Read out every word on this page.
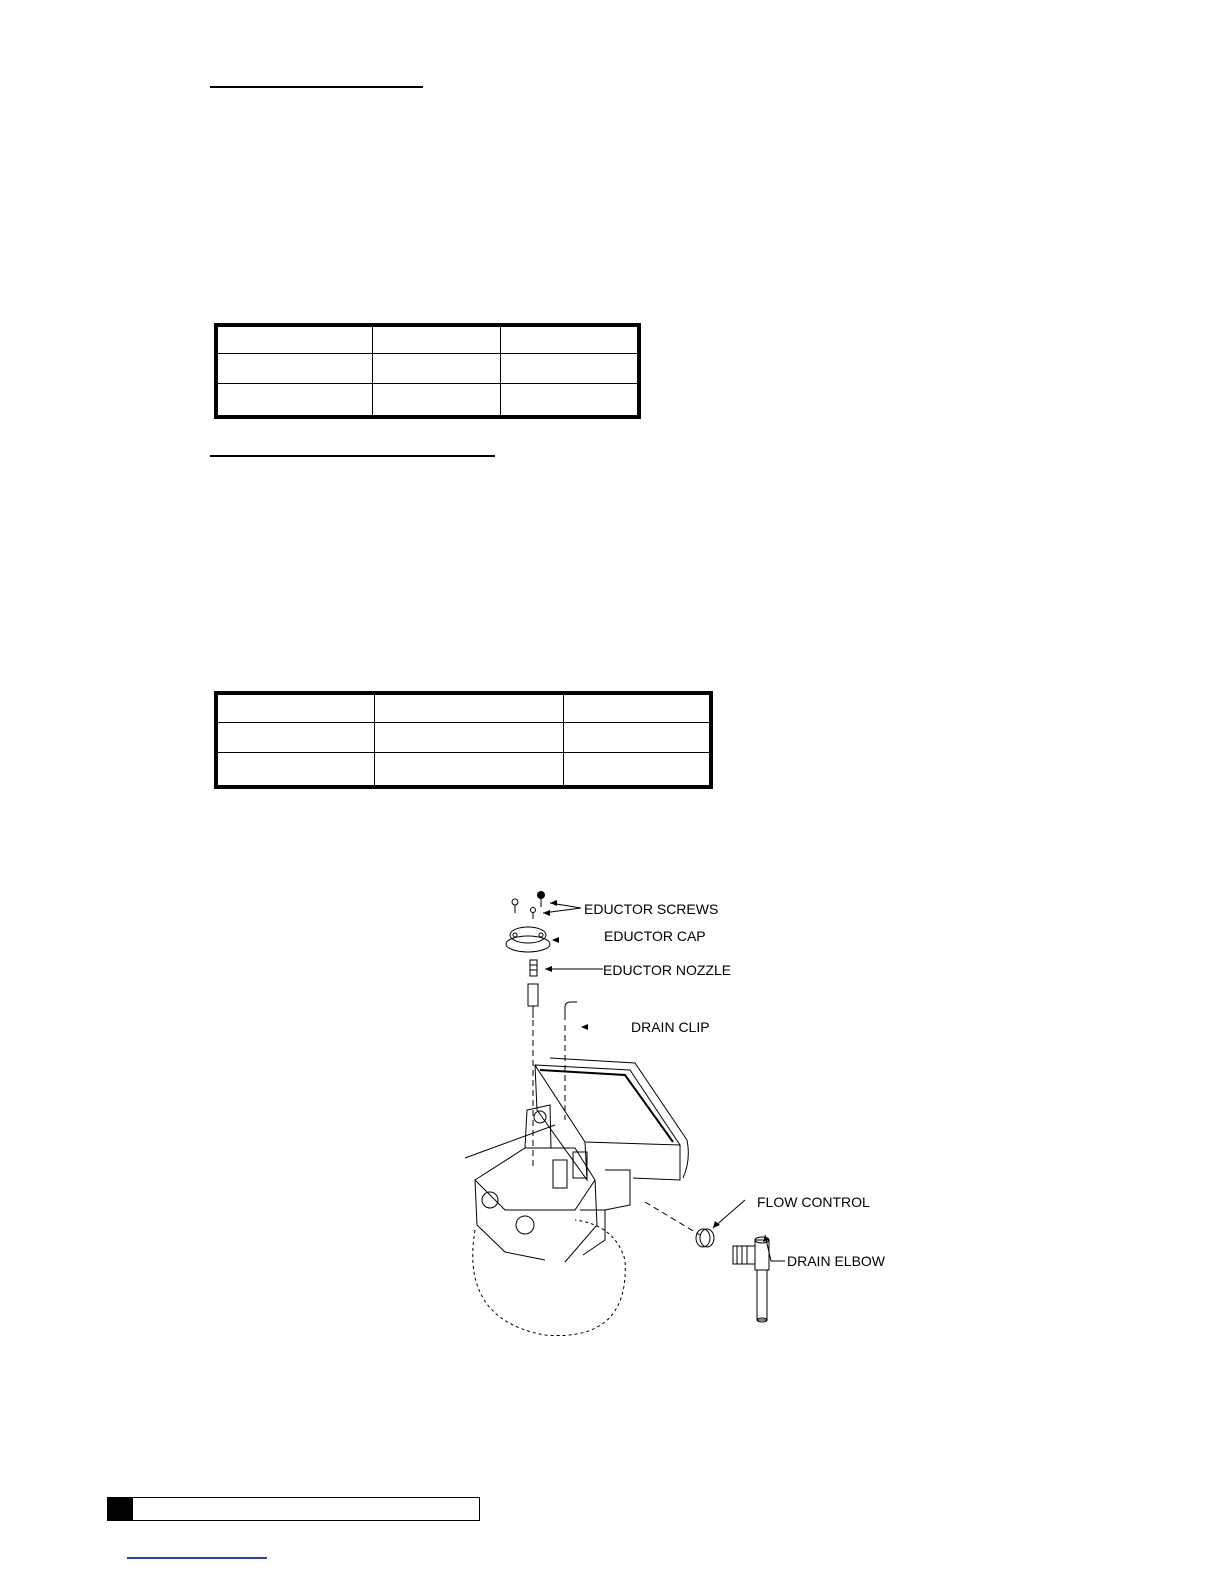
EDUCTOR SCREWS
EDUCTOR CAP
EDUCTOR NOZZLE
DRAIN CLIP
FLOW CONTROL
DRAIN ELBOW
